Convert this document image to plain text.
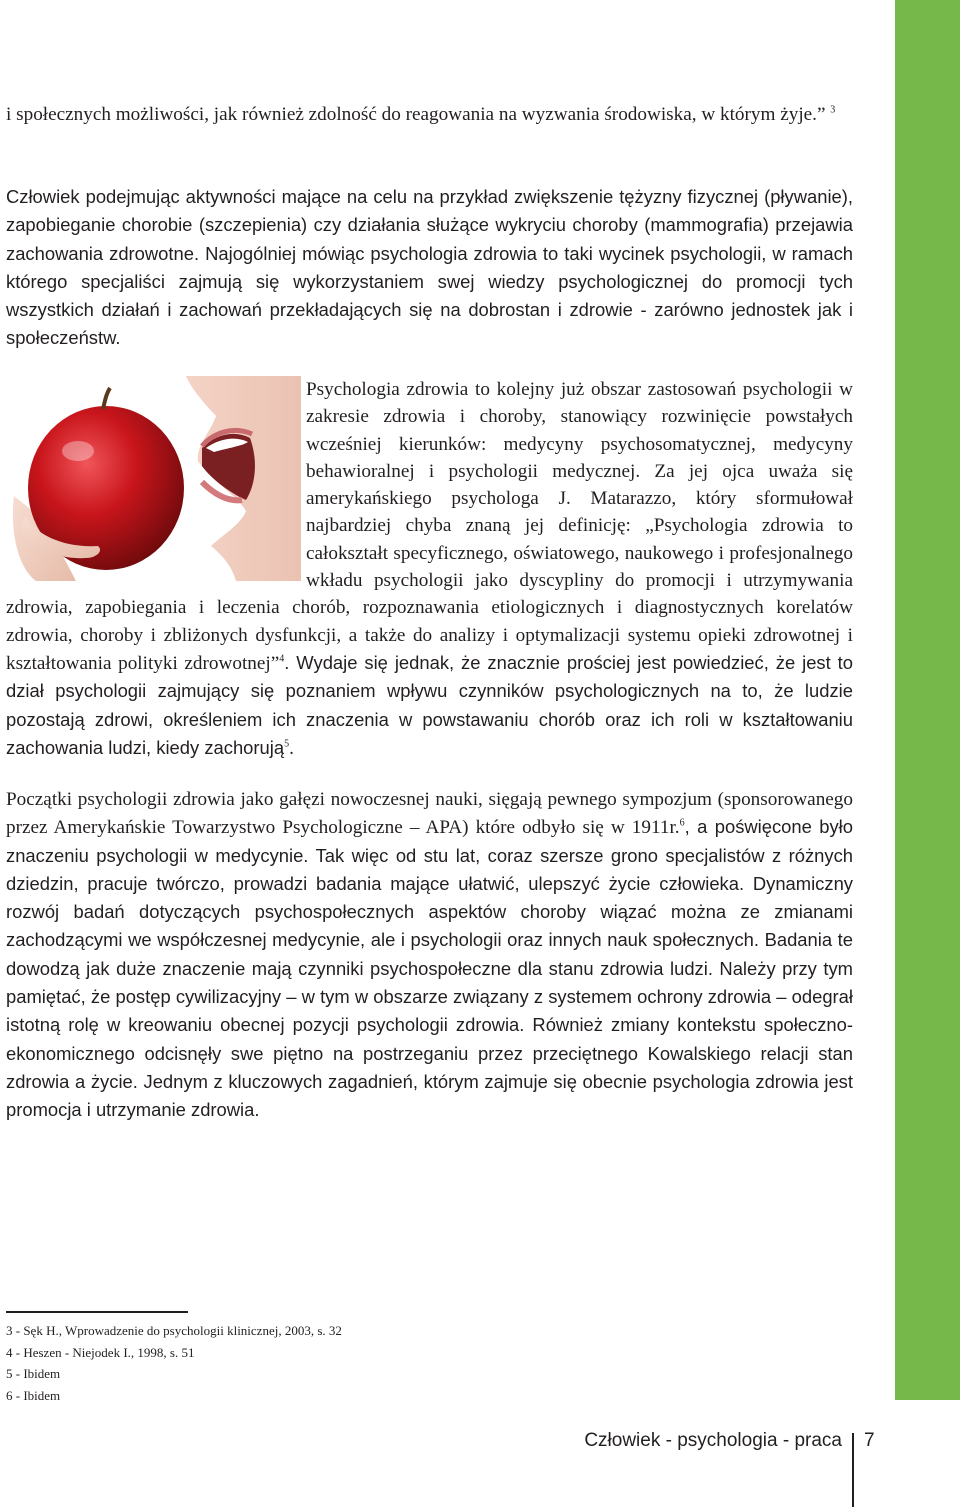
i społecznych możliwości, jak również zdolność do reagowania na wyzwania środowiska, w którym żyje.” $^3$

Człowiek podejmując aktywności mające na celu na przykład zwiększenie tężyzny fizycznej (pływanie), zapobieganie chorobie (szczepienia) czy działania służące wykryciu choroby (mammografia) przejawia zachowania zdrowotne. Najogólniej mówiąc psychologia zdrowia to taki wycinek psychologii, w ramach którego specjaliści zajmują się wykorzystaniem swej wiedzy psychologicznej do promocji tych wszystkich działań i zachowań przekładających się na dobrostan i zdrowie - zarówno jednostek jak i społeczeństw.

Psychologia zdrowia to kolejny już obszar zastosowań psychologii w zakresie zdrowia i choroby, stanowiący rozwinięcie powstałych wcześniej kierunków: medycyny psychosomatycznej, medycyny behawioralnej i psychologii medycznej. Za jej ojca uważa się amerykańskiego psychologa J. Matarazzo, który sformułował najbardziej chyba znaną jej definicję: „Psychologia zdrowia to całokształt specyficznego, oświatowego, naukowego i profesjonalnego wkładu psychologii jako dyscypliny do promocji i utrzymywania zdrowia, zapobiegania i leczenia chorób, rozpoznawania etiologicznych i diagnostycznych korelatów zdrowia, choroby i zbliżonych dysfunkcji, a także do analizy i optymalizacji systemu opieki zdrowotnej i kształtowania polityki zdrowotnej”$^4$. Wydaje się jednak, że znacznie prościej jest powiedzieć, że jest to dział psychologii zajmujący się poznaniem wpływu czynników psychologicznych na to, że ludzie pozostają zdrowi, określeniem ich znaczenia w powstawaniu chorób oraz ich roli w kształtowaniu zachowania ludzi, kiedy zachorują$^5$.

Początki psychologii zdrowia jako gałęzi nowoczesnej nauki, sięgają pewnego sympozjum (sponsorowanego przez Amerykańskie Towarzystwo Psychologiczne – APA) które odbyło się w 1911r.$^6$, a poświęcone było znaczeniu psychologii w medycynie. Tak więc od stu lat, coraz szersze grono specjalistów z różnych dziedzin, pracuje twórczo, prowadzi badania mające ułatwić, ulepszyć życie człowieka. Dynamiczny rozwój badań dotyczących psychospołecznych aspektów choroby wiązać można ze zmianami zachodzącymi we współczesnej medycynie, ale i psychologii oraz innych nauk społecznych. Badania te dowodzą jak duże znaczenie mają czynniki psychospołeczne dla stanu zdrowia ludzi. Należy przy tym pamiętać, że postęp cywilizacyjny – w tym w obszarze związany z systemem ochrony zdrowia – odegrał istotną rolę w kreowaniu obecnej pozycji psychologii zdrowia. Również zmiany kontekstu społeczno-ekonomicznego odcisnęły swe piętno na postrzeganiu przez przeciętnego Kowalskiego relacji stan zdrowia a życie. Jednym z kluczowych zagadnień, którym zajmuje się obecnie psychologia zdrowia jest promocja i utrzymanie zdrowia.

3 - Sęk H., Wprowadzenie do psychologii klinicznej, 2003, s. 32
4 - Heszen - Niejodek I., 1998, s. 51
5 - Ibidem
6 - Ibidem
Człowiek - psychologia - praca 7
